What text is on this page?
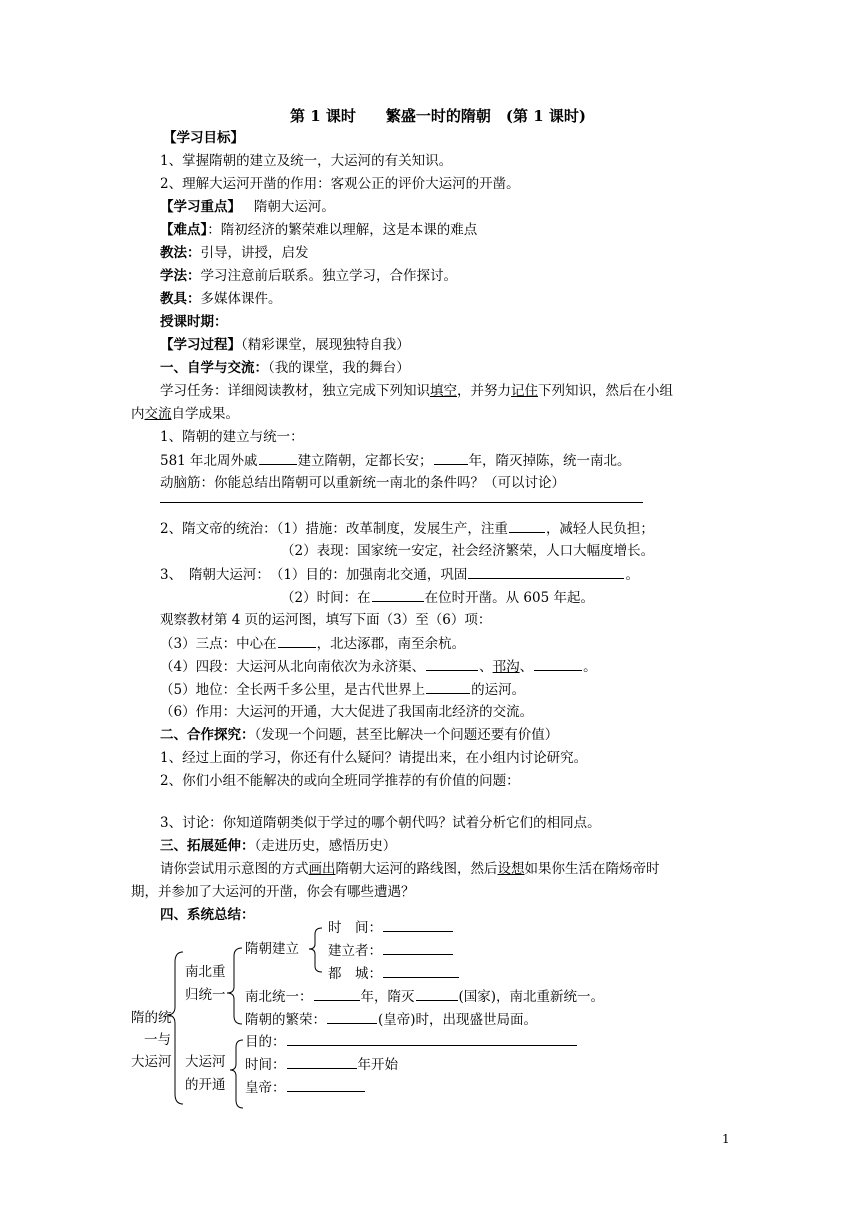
第 1 课时　　繁盛一时的隋朝　(第 1 课时)
【学习目标】
1、掌握隋朝的建立及统一，大运河的有关知识。
2、理解大运河开凿的作用：客观公正的评价大运河的开凿。
【学习重点】 隋朝大运河。
【难点】：隋初经济的繁荣难以理解，这是本课的难点
教法：引导，讲授，启发
学法：学习注意前后联系。独立学习，合作探讨。
教具：多媒体课件。
授课时期：
【学习过程】（精彩课堂，展现独特自我）
一、自学与交流：（我的课堂，我的舞台）
学习任务：详细阅读教材，独立完成下列知识填空，并努力记住下列知识，然后在小组
内交流自学成果。
1、隋朝的建立与统一：
581 年北周外戚	建立隋朝，定都长安；	年，隋灭掉陈，统一南北。
动脑筋：你能总结出隋朝可以重新统一南北的条件吗？（可以讨论）
2、隋文帝的统治：（1）措施：改革制度，发展生产，注重	，减轻人民负担；
（2）表现：国家统一安定，社会经济繁荣，人口大幅度增长。
3、　隋朝大运河：　（1）目的：加强南北交通，巩固	。
（2）时间：在	在位时开凿。从 605 年起。
观察教材第 4 页的运河图，填写下面（3）至（6）项：
（3）三点：中心在	，北达涿郡，南至余杭。
（4）四段：大运河从北向南依次为永济渠、	、邗沟、	。
（5）地位：全长两千多公里，是古代世界上	的运河。
（6）作用：大运河的开通，大大促进了我国南北经济的交流。
二、合作探究：（发现一个问题，甚至比解决一个问题还要有价值）
1、经过上面的学习，你还有什么疑问？请提出来，在小组内讨论研究。
2、你们小组不能解决的或向全班同学推荐的有价值的问题：
3、讨论：你知道隋朝类似于学过的哪个朝代吗？试着分析它们的相同点。
三、拓展延伸：（走进历史，感悟历史）
请你尝试用示意图的方式画出隋朝大运河的路线图，然后设想如果你生活在隋炀帝时
期，并参加了大运河的开凿，你会有哪些遭遇？
四、系统总结：
隋的统
一与
大运河
南北重
归统一
大运河
的开通
隋朝建立
时　间：
建立者：
都　城：
南北统一：	年，隋灭	(国家)，南北重新统一。
隋朝的繁荣：	(皇帝)时，出现盛世局面。
目的：
时间：	年开始
皇帝：
1
